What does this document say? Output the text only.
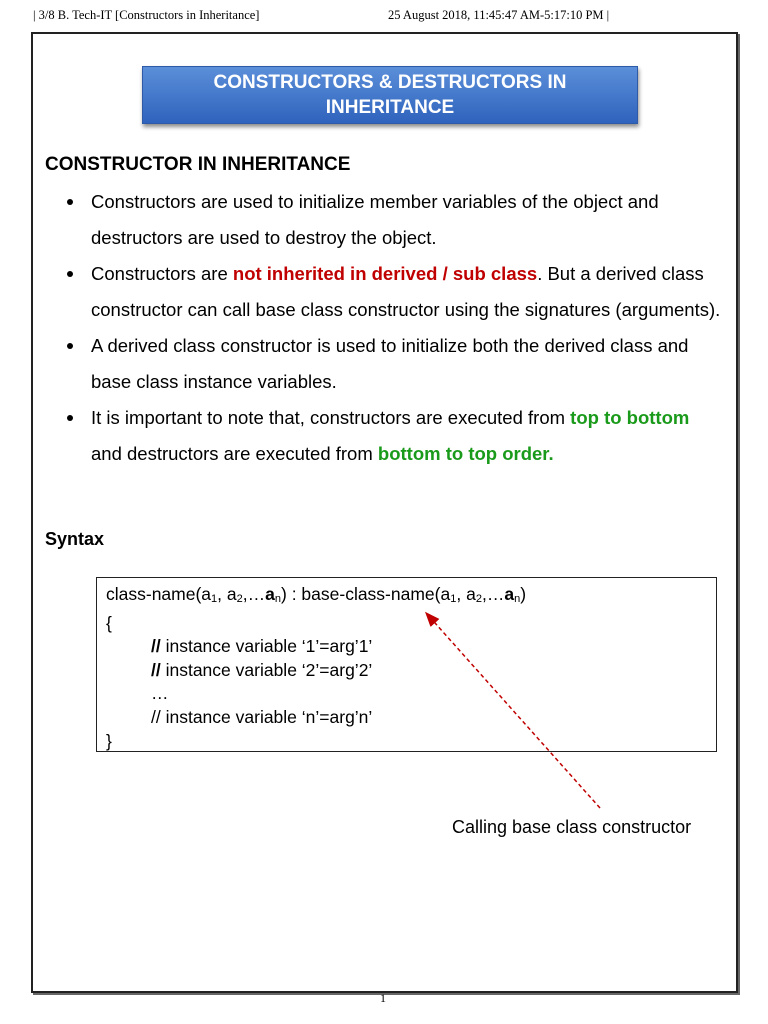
| 3/8 B. Tech-IT [Constructors in Inheritance]	25 August 2018, 11:45:47 AM-5:17:10 PM |
CONSTRUCTORS & DESTRUCTORS IN INHERITANCE
CONSTRUCTOR IN INHERITANCE
Constructors are used to initialize member variables of the object and destructors are used to destroy the object.
Constructors are not inherited in derived / sub class. But a derived class constructor can call base class constructor using the signatures (arguments).
A derived class constructor is used to initialize both the derived class and base class instance variables.
It is important to note that, constructors are executed from top to bottom and destructors are executed from bottom to top order.
Syntax
class-$name(a_1$, $a_2,\dots a_n$) : base-$class-name(a_1$, $a_2,\dots a_n$)
{
// instance variable ‘1’=arg’1’
// instance variable ‘2’=arg’2’
…
// instance variable ‘n’=arg’n’
}
Calling base class constructor
1
